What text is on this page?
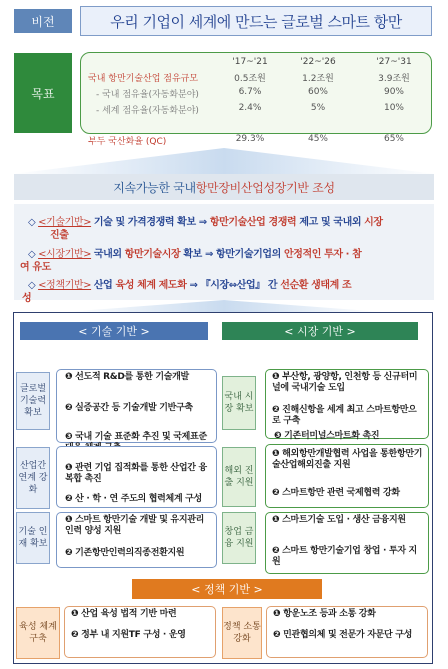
비전	우리 기업이 세계에 만드는 글로벌 스마트 항만
목표
'17~'21	'22~'26	'27~'31
국내 항만기술산업 점유규모	0.5조원	1.2조원	3.9조원
- 국내 점유율(자동화분야)	6.7%	60%	90%
- 세계 점유율(자동화분야)	2.4%	5%	10%
부두 국산화율 (QC)	29.3%	45%	65%
지속가능한 국내 항만장비산업 성장기반 조성
◇ <기술기반> 기술 및 가격경쟁력 확보 ⇒ 항만기술산업 경쟁력 제고 및 국내외 시장
진출
◇ <시장기반> 국내외 항만기술시장 확보 ⇒ 항만기술기업의 안정적인 투자 · 참
여 유도
◇ <정책기반> 산업 육성 체계 제도화 ⇒ 『시장⇔산업』 간 선순환 생태계 조
성
< 기술 기반 >	< 시장 기반 >
글로벌 기술력 확보
❶ 선도적 R&D를 통한 기술개발
❷ 실증공간 등 기술개발 기반구축
❸ 국내 기술 표준화 추진 및 국제표준
산업간 연계 강화
❶ 관련 기업 집적화를 통한 산업간 융복합 촉진
❷ 산 · 학 · 연 주도의 협력체계 구성
기술 인재 확보
❶ 스마트 항만기술 개발 및 유지관리 인력 양성 지원
❷ 기존항만인력의직종전환지원
국내 시장 확보
❶ 부산항, 광양항, 인천항 등 신규터미널에 국내기술 도입
❷ 진해신항을 세계 최고 스마트항만으로 구축
❸ 기존터미널스마트화 촉진
해외 진출 지원
❶ 해외항만개발협력 사업을 통한항만기술산업해외진출 지원
❷ 스마트항만 관련 국제협력 강화
창업 금융 지원
❶ 스마트기술 도입 · 생산 금융지원
❷ 스마트 항만기술기업 창업 · 투자 지원
< 정책 기반 >
육성 체계 구축
❶ 산업 육성 법적 기반 마련
❷ 정부 내 지원TF 구성 · 운영
정책 소통 강화
❶ 항운노조 등과 소통 강화
❷ 민관협의체 및 전문가 자문단 구성
